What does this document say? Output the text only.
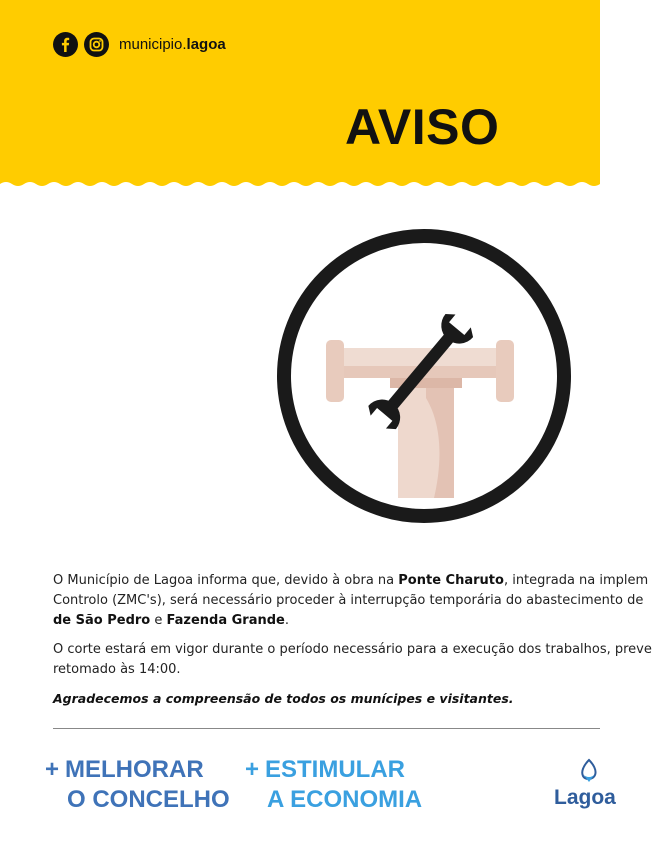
municipio.lagoa
AVISO

O Município de Lagoa informa que, devido à obra na Ponte Charuto, integrada na implem
Controlo (ZMC's), será necessário proceder à interrupção temporária do abastecimento de
de São Pedro e Fazenda Grande.

O corte estará em vigor durante o período necessário para a execução dos trabalhos, preve
retomado às 14:00.

Agradecemos a compreensão de todos os munícipes e visitantes.
+ MELHORAR
O CONCELHO
+ ESTIMULAR
A ECONOMIA	Lagoa
